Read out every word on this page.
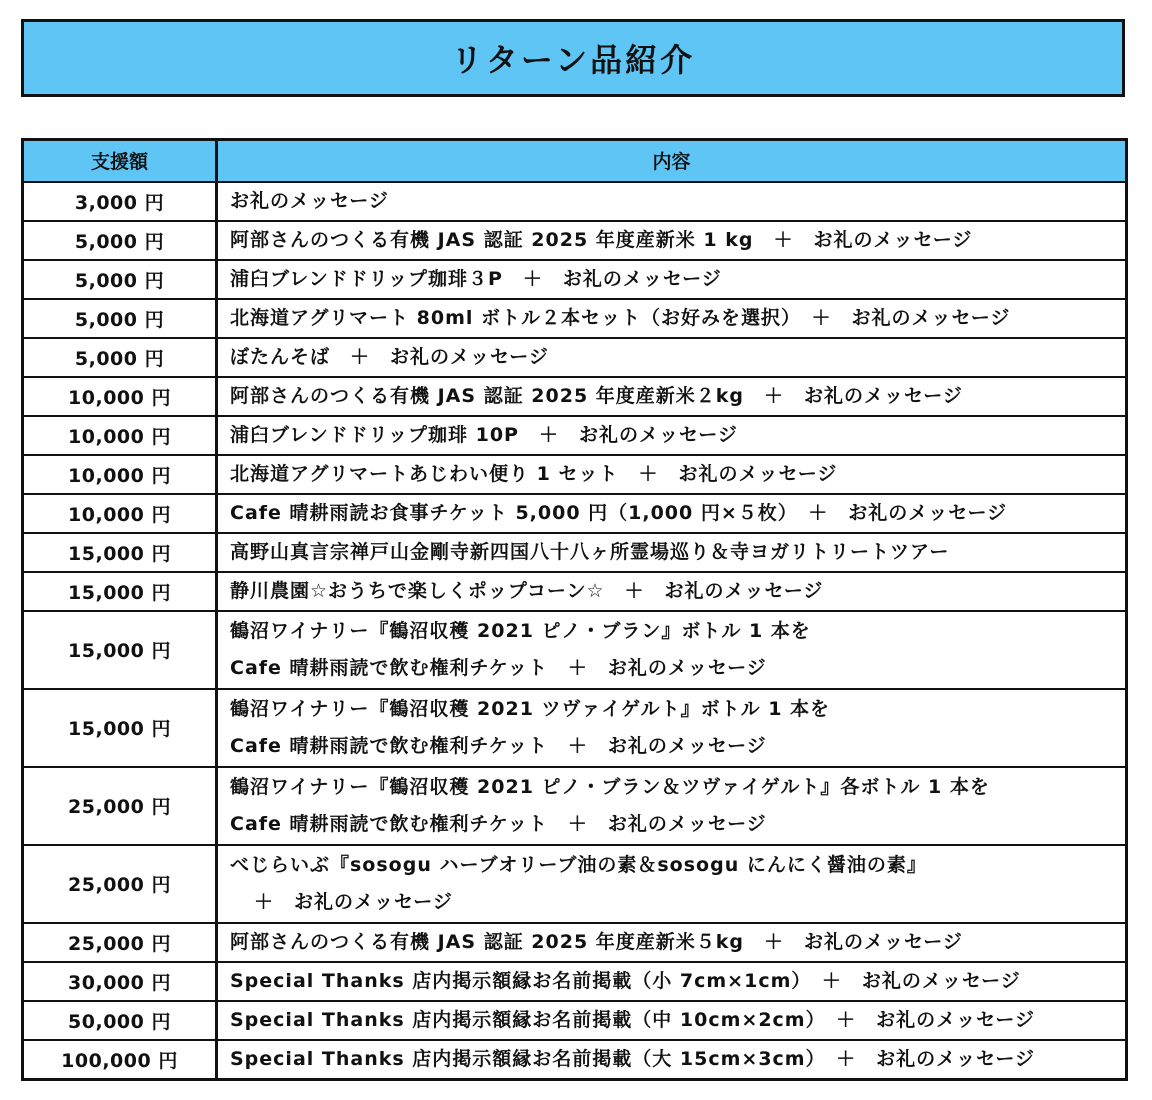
リターン品紹介
支援額	内容
3,000 円	お礼のメッセージ

5,000 円	阿部さんのつくる有機 JAS 認証 2025 年度産新米 1 kg　＋　お礼のメッセージ

5,000 円	浦臼ブレンドドリップ珈琲３P　＋　お礼のメッセージ

5,000 円	北海道アグリマート 80ml ボトル２本セット（お好みを選択）　＋　お礼のメッセージ

5,000 円	ぼたんそば　＋　お礼のメッセージ

10,000 円	阿部さんのつくる有機 JAS 認証 2025 年度産新米２kg　＋　お礼のメッセージ

10,000 円	浦臼ブレンドドリップ珈琲 10P　＋　お礼のメッセージ

10,000 円	北海道アグリマートあじわい便り 1 セット　＋　お礼のメッセージ

10,000 円	Cafe 晴耕雨読お食事チケット 5,000 円（1,000 円×５枚）　＋　お礼のメッセージ

15,000 円	高野山真言宗禅戸山金剛寺新四国八十八ヶ所霊場巡り＆寺ヨガリトリートツアー

15,000 円	静川農園☆おうちで楽しくポップコーン☆　＋　お礼のメッセージ

15,000 円	鶴沼ワイナリー『鶴沼収穫 2021 ピノ・ブラン』ボトル 1 本を
Cafe 晴耕雨読で飲む権利チケット　＋　お礼のメッセージ

15,000 円	鶴沼ワイナリー『鶴沼収穫 2021 ツヴァイゲルト』ボトル 1 本を
Cafe 晴耕雨読で飲む権利チケット　＋　お礼のメッセージ

25,000 円	鶴沼ワイナリー『鶴沼収穫 2021 ピノ・ブラン＆ツヴァイゲルト』各ボトル 1 本を
Cafe 晴耕雨読で飲む権利チケット　＋　お礼のメッセージ

25,000 円	べじらいぶ『sosogu ハーブオリーブ油の素＆sosogu にんにく醤油の素』
＋　お礼のメッセージ

25,000 円	阿部さんのつくる有機 JAS 認証 2025 年度産新米５kg　＋　お礼のメッセージ

30,000 円	Special Thanks 店内掲示額縁お名前掲載（小 7cm×1cm）　＋　お礼のメッセージ

50,000 円	Special Thanks 店内掲示額縁お名前掲載（中 10cm×2cm）　＋　お礼のメッセージ

100,000 円	Special Thanks 店内掲示額縁お名前掲載（大 15cm×3cm）　＋　お礼のメッセージ
